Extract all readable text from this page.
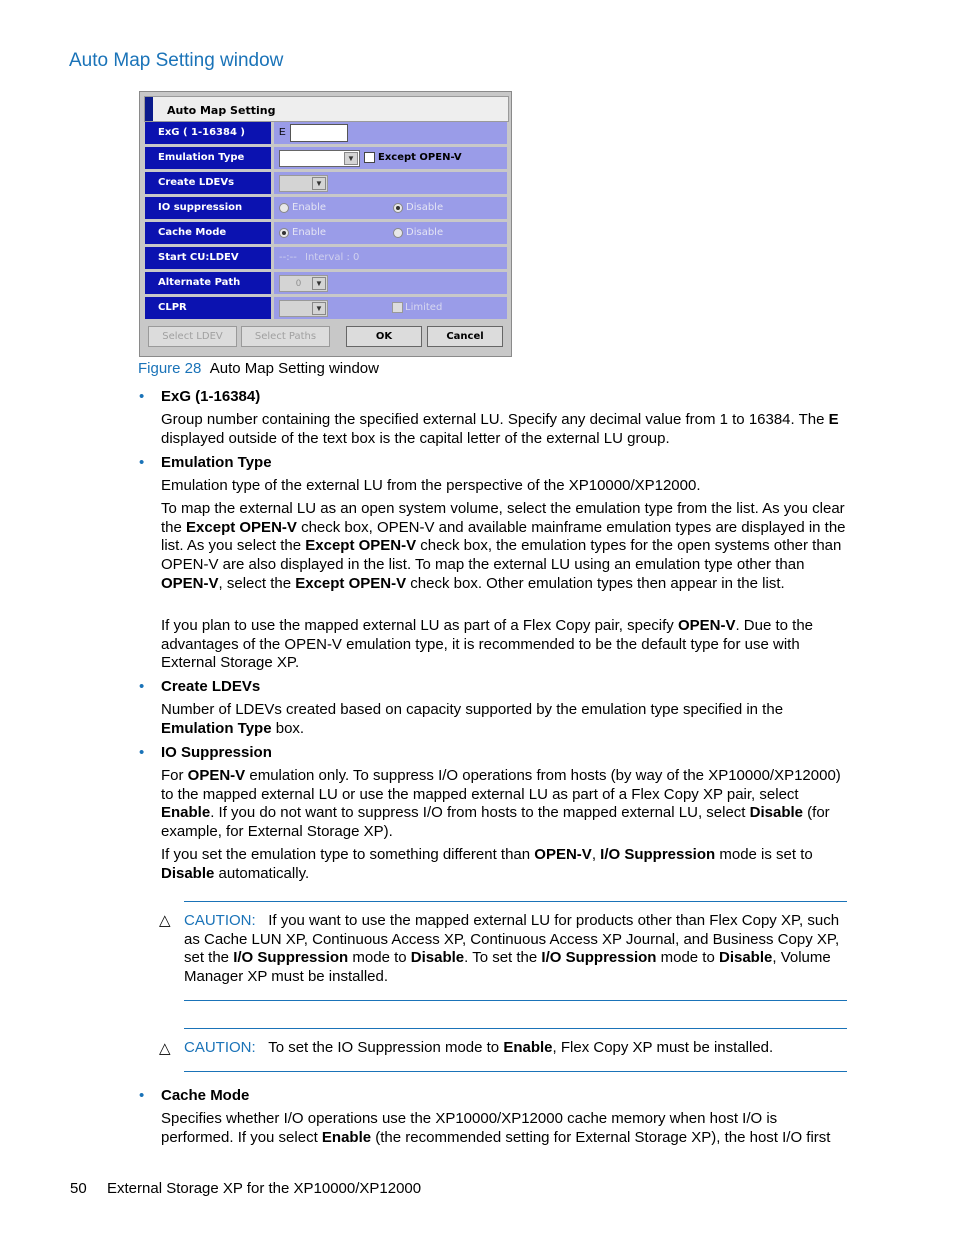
Auto Map Setting window
Auto Map Setting
ExG ( 1-16384 )	E
Emulation Type	▼	Except OPEN-V
Create LDEVs	▼
IO suppression	Enable	Disable
Cache Mode	Enable	Disable
Start CU:LDEV	--:-- Interval : 0
Alternate Path	0	▼
CLPR	▼	Limited
Select LDEV	Select Paths	OK	Cancel
Figure 28 Auto Map Setting window
• ExG (1-16384)
Group number containing the specified external LU. Specify any decimal value from 1 to 16384. The E displayed outside of the text box is the capital letter of the external LU group.
• Emulation Type
Emulation type of the external LU from the perspective of the XP10000/XP12000.
To map the external LU as an open system volume, select the emulation type from the list. As you clear the Except OPEN-V check box, OPEN-V and available mainframe emulation types are displayed in the list. As you select the Except OPEN-V check box, the emulation types for the open systems other than OPEN-V are also displayed in the list. To map the external LU using an emulation type other than OPEN-V, select the Except OPEN-V check box. Other emulation types then appear in the list.
If you plan to use the mapped external LU as part of a Flex Copy pair, specify OPEN-V. Due to the advantages of the OPEN-V emulation type, it is recommended to be the default type for use with External Storage XP.
• Create LDEVs
Number of LDEVs created based on capacity supported by the emulation type specified in the Emulation Type box.
• IO Suppression
For OPEN-V emulation only. To suppress I/O operations from hosts (by way of the XP10000/XP12000) to the mapped external LU or use the mapped external LU as part of a Flex Copy XP pair, select Enable. If you do not want to suppress I/O from hosts to the mapped external LU, select Disable (for example, for External Storage XP).
If you set the emulation type to something different than OPEN-V, I/O Suppression mode is set to Disable automatically.
△ CAUTION: If you want to use the mapped external LU for products other than Flex Copy XP, such as Cache LUN XP, Continuous Access XP, Continuous Access XP Journal, and Business Copy XP, set the I/O Suppression mode to Disable. To set the I/O Suppression mode to Disable, Volume Manager XP must be installed.
△ CAUTION: To set the IO Suppression mode to Enable, Flex Copy XP must be installed.
• Cache Mode
Specifies whether I/O operations use the XP10000/XP12000 cache memory when host I/O is performed. If you select Enable (the recommended setting for External Storage XP), the host I/O first
50 External Storage XP for the XP10000/XP12000
